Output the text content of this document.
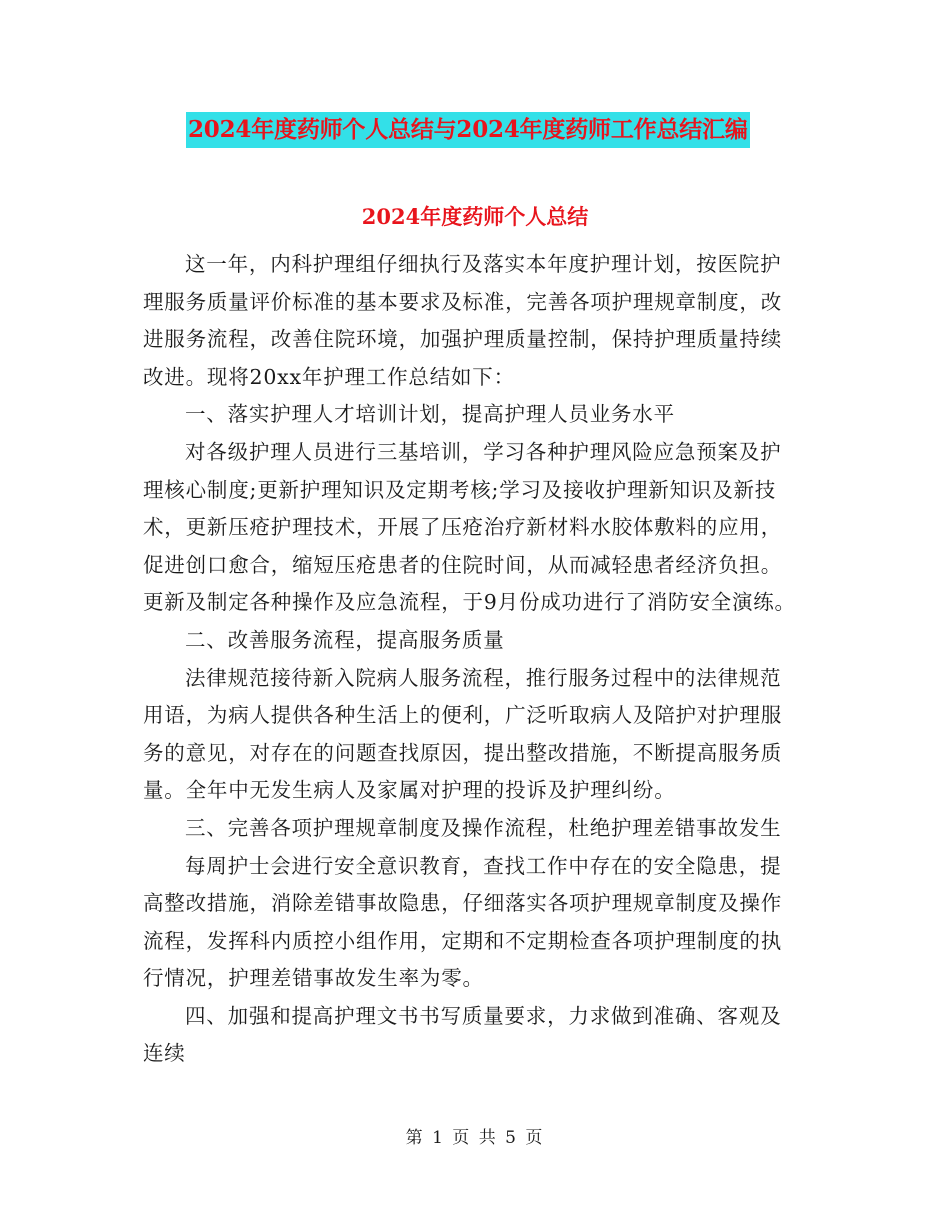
2024年度药师个人总结与2024年度药师工作总结汇编
2024年度药师个人总结
这一年，内科护理组仔细执行及落实本年度护理计划，按医院护
理服务质量评价标准的基本要求及标准，完善各项护理规章制度，改
进服务流程，改善住院环境，加强护理质量控制，保持护理质量持续
改进。现将20xx年护理工作总结如下：
一、落实护理人才培训计划，提高护理人员业务水平
对各级护理人员进行三基培训，学习各种护理风险应急预案及护
理核心制度;更新护理知识及定期考核;学习及接收护理新知识及新技
术，更新压疮护理技术，开展了压疮治疗新材料水胶体敷料的应用，
促进创口愈合，缩短压疮患者的住院时间，从而减轻患者经济负担。
更新及制定各种操作及应急流程，于9月份成功进行了消防安全演练。
二、改善服务流程，提高服务质量
法律规范接待新入院病人服务流程，推行服务过程中的法律规范
用语，为病人提供各种生活上的便利，广泛听取病人及陪护对护理服
务的意见，对存在的问题查找原因，提出整改措施，不断提高服务质
量。全年中无发生病人及家属对护理的投诉及护理纠纷。
三、完善各项护理规章制度及操作流程，杜绝护理差错事故发生
每周护士会进行安全意识教育，查找工作中存在的安全隐患，提
高整改措施，消除差错事故隐患，仔细落实各项护理规章制度及操作
流程，发挥科内质控小组作用，定期和不定期检查各项护理制度的执
行情况，护理差错事故发生率为零。
四、加强和提高护理文书书写质量要求，力求做到准确、客观及
连续
第 1 页 共 5 页
